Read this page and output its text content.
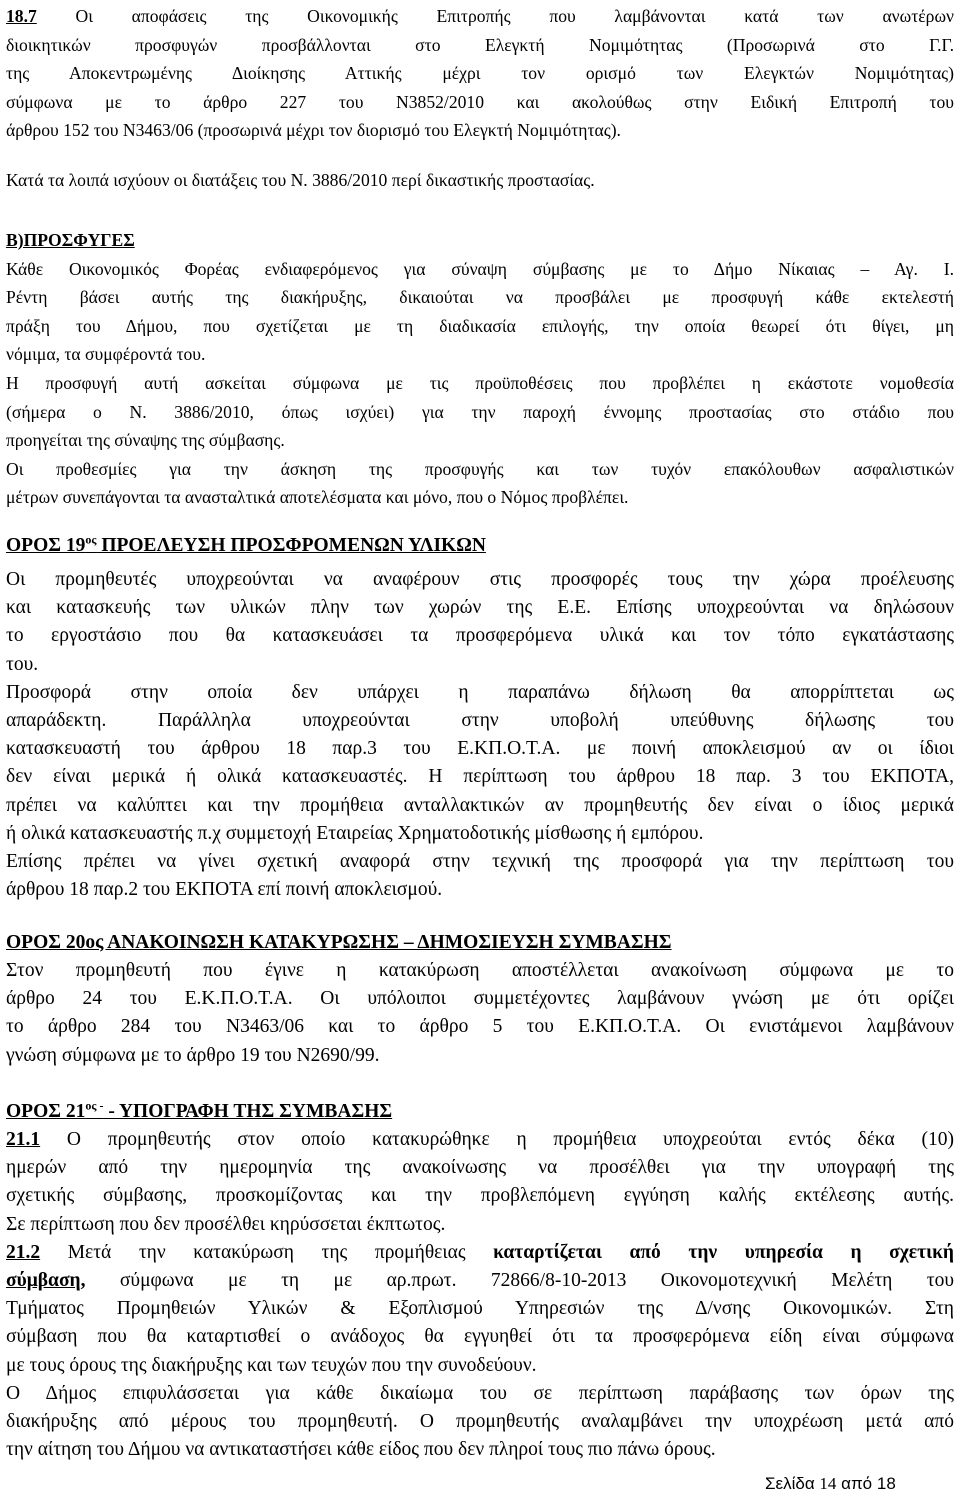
18.7 Οι αποφάσεις της Οικονομικής Επιτροπής που λαμβάνονται κατά των ανωτέρων

διοικητικών προσφυγών προσβάλλονται στο Ελεγκτή Νομιμότητας (Προσωρινά στο Γ.Γ.

της Αποκεντρωμένης Διοίκησης Αττικής μέχρι τον ορισμό των Ελεγκτών Νομιμότητας)

σύμφωνα με το άρθρο 227 του Ν3852/2010 και ακολούθως στην Ειδική Επιτροπή του

άρθρου 152 του Ν3463/06 (προσωρινά μέχρι τον διορισμό του Ελεγκτή Νομιμότητας).

Κατά τα λοιπά ισχύουν οι διατάξεις του Ν. 3886/2010 περί δικαστικής προστασίας.

Β)ΠΡΟΣΦΥΓΕΣ

Κάθε Οικονομικός Φορέας ενδιαφερόμενος για σύναψη σύμβασης με το Δήμο Νίκαιας – Αγ. Ι.

Ρέντη βάσει αυτής της διακήρυξης, δικαιούται να προσβάλει με προσφυγή κάθε εκτελεστή

πράξη του Δήμου, που σχετίζεται με τη διαδικασία επιλογής, την οποία θεωρεί ότι θίγει, μη

νόμιμα, τα συμφέροντά του.

Η προσφυγή αυτή ασκείται σύμφωνα με τις προϋποθέσεις που προβλέπει η εκάστοτε νομοθεσία

(σήμερα ο Ν. 3886/2010, όπως ισχύει) για την παροχή έννομης προστασίας στο στάδιο που

προηγείται της σύναψης της σύμβασης.

Οι προθεσμίες για την άσκηση της προσφυγής και των τυχόν επακόλουθων ασφαλιστικών

μέτρων συνεπάγονται τα ανασταλτικά αποτελέσματα και μόνο, που ο Νόμος προβλέπει.

ΟΡΟΣ $19^{o\varsigma}$ ΠΡΟΕΛΕΥΣΗ ΠΡΟΣΦΡΟΜΕΝΩΝ ΥΛΙΚΩΝ

Οι προμηθευτές υποχρεούνται να αναφέρουν στις προσφορές τους την χώρα προέλευσης

και κατασκευής των υλικών πλην των χωρών της Ε.Ε. Επίσης υποχρεούνται να δηλώσουν

το εργοστάσιο που θα κατασκευάσει τα προσφερόμενα υλικά και τον τόπο εγκατάστασης

του.

Προσφορά στην οποία δεν υπάρχει η παραπάνω δήλωση θα απορρίπτεται ως

απαράδεκτη. Παράλληλα υποχρεούνται στην υποβολή υπεύθυνης δήλωσης του

κατασκευαστή του άρθρου 18 παρ.3 του Ε.ΚΠ.Ο.Τ.Α. με ποινή αποκλεισμού αν οι ίδιοι

δεν είναι μερικά ή ολικά κατασκευαστές. Η περίπτωση του άρθρου 18 παρ. 3 του ΕΚΠΟΤΑ,

πρέπει να καλύπτει και την προμήθεια ανταλλακτικών αν προμηθευτής δεν είναι ο ίδιος μερικά

ή ολικά κατασκευαστής π.χ συμμετοχή Εταιρείας Χρηματοδοτικής μίσθωσης ή εμπόρου.

Επίσης πρέπει να γίνει σχετική αναφορά στην τεχνική της προσφορά για την περίπτωση του

άρθρου 18 παρ.2 του ΕΚΠΟΤΑ επί ποινή αποκλεισμού.

ΟΡΟΣ 20ος ΑΝΑΚΟΙΝΩΣΗ ΚΑΤΑΚΥΡΩΣΗΣ – ΔΗΜΟΣΙΕΥΣΗ ΣΥΜΒΑΣΗΣ

Στον προμηθευτή που έγινε η κατακύρωση αποστέλλεται ανακοίνωση σύμφωνα με το

άρθρο 24 του Ε.Κ.Π.Ο.Τ.Α. Οι υπόλοιποι συμμετέχοντες λαμβάνουν γνώση με ότι ορίζει

το άρθρο 284 του Ν3463/06 και το άρθρο 5 του Ε.ΚΠ.Ο.Τ.Α. Οι ενιστάμενοι λαμβάνουν

γνώση σύμφωνα με το άρθρο 19 του Ν2690/99.

ΟΡΟΣ $21^{o\varsigma -}$ - ΥΠΟΓΡΑΦΗ ΤΗΣ ΣΥΜΒΑΣΗΣ

21.1 Ο προμηθευτής στον οποίο κατακυρώθηκε η προμήθεια υποχρεούται εντός δέκα (10)

ημερών από την ημερομηνία της ανακοίνωσης να προσέλθει για την υπογραφή της

σχετικής σύμβασης, προσκομίζοντας και την προβλεπόμενη εγγύηση καλής εκτέλεσης αυτής.

Σε περίπτωση που δεν προσέλθει κηρύσσεται έκπτωτος.

21.2 Μετά την κατακύρωση της προμήθειας καταρτίζεται από την υπηρεσία η σχετική

σύμβαση, σύμφωνα με τη με αρ.πρωτ. 72866/8-10-2013 Οικονομοτεχνική Μελέτη του

Τμήματος Προμηθειών Υλικών & Εξοπλισμού Υπηρεσιών της Δ/νσης Οικονομικών. Στη

σύμβαση που θα καταρτισθεί ο ανάδοχος θα εγγυηθεί ότι τα προσφερόμενα είδη είναι σύμφωνα

με τους όρους της διακήρυξης και των τευχών που την συνοδεύουν.

Ο Δήμος επιφυλάσσεται για κάθε δικαίωμα του σε περίπτωση παράβασης των όρων της

διακήρυξης από μέρους του προμηθευτή. Ο προμηθευτής αναλαμβάνει την υποχρέωση μετά από

την αίτηση του Δήμου να αντικαταστήσει κάθε είδος που δεν πληροί τους πιο πάνω όρους.

Σελίδα 14 από 18
